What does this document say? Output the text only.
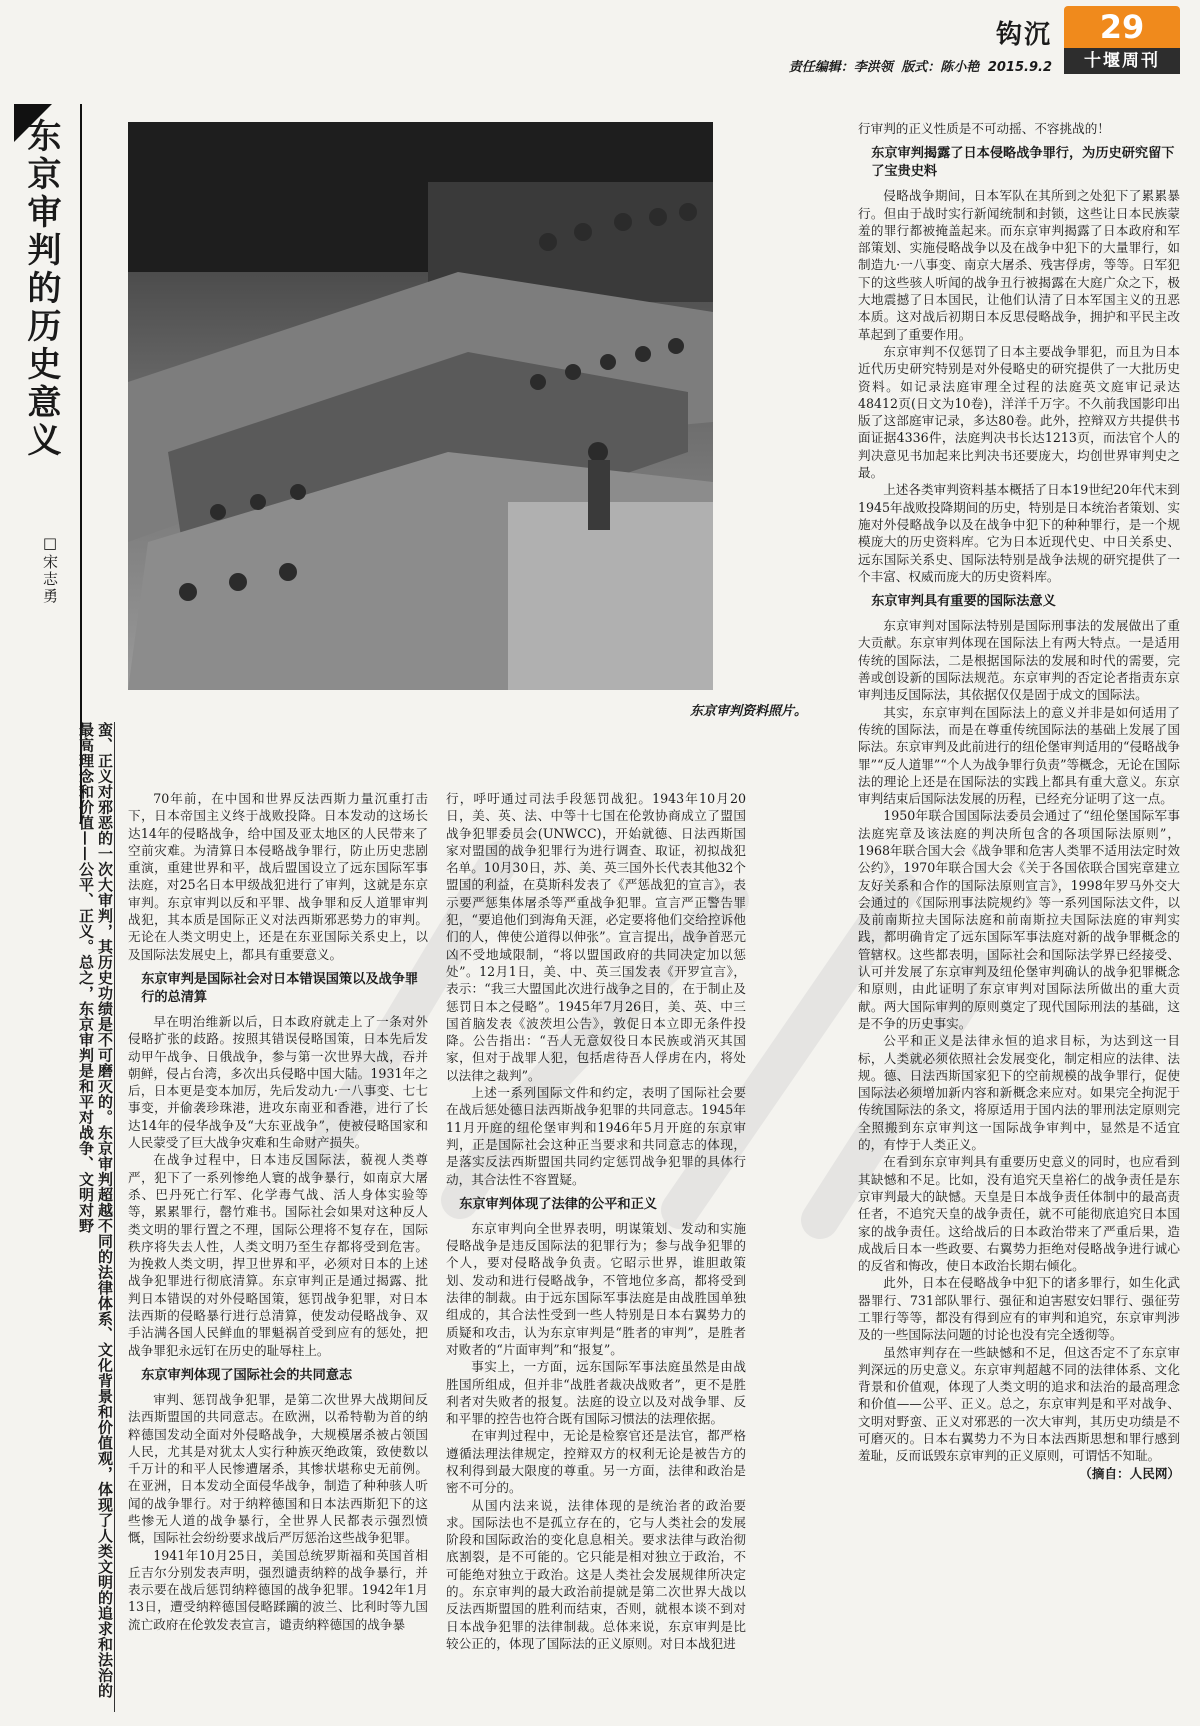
钩沉
责任编辑：李洪领 版式：陈小艳 2015.9.2
29
十堰周刊
东京审判的历史意义
□宋志勇
蛮、正义对邪恶的一次大审判，其历史功绩是不可磨灭的。东京审判超越不同的法律体系、文化背景和价值观，体现了人类文明的追求和法治的最高理念和价值——公平、正义。总之，东京审判是和平对战争、文明对野
东京审判资料照片。

70年前，在中国和世界反法西斯力量沉重打击下，日本帝国主义终于战败投降。日本发动的这场长达14年的侵略战争，给中国及亚太地区的人民带来了空前灾难。为清算日本侵略战争罪行，防止历史悲剧重演，重建世界和平，战后盟国设立了远东国际军事法庭，对25名日本甲级战犯进行了审判，这就是东京审判。东京审判以反和平罪、战争罪和反人道罪审判战犯，其本质是国际正义对法西斯邪恶势力的审判。无论在人类文明史上，还是在东亚国际关系史上，以及国际法发展史上，都具有重要意义。

东京审判是国际社会对日本错误国策以及战争罪行的总清算

早在明治维新以后，日本政府就走上了一条对外侵略扩张的歧路。按照其错误侵略国策，日本先后发动甲午战争、日俄战争，参与第一次世界大战，吞并朝鲜，侵占台湾，多次出兵侵略中国大陆。1931年之后，日本更是变本加厉，先后发动九·一八事变、七七事变，并偷袭珍珠港，进攻东南亚和香港，进行了长达14年的侵华战争及“大东亚战争”，使被侵略国家和人民蒙受了巨大战争灾难和生命财产损失。

在战争过程中，日本违反国际法，藐视人类尊严，犯下了一系列惨绝人寰的战争暴行，如南京大屠杀、巴丹死亡行军、化学毒气战、活人身体实验等等，累累罪行，罄竹难书。国际社会如果对这种反人类文明的罪行置之不理，国际公理将不复存在，国际秩序将失去人性，人类文明乃至生存都将受到危害。为挽救人类文明，捍卫世界和平，必须对日本的上述战争犯罪进行彻底清算。东京审判正是通过揭露、批判日本错误的对外侵略国策，惩罚战争犯罪，对日本法西斯的侵略暴行进行总清算，使发动侵略战争、双手沾满各国人民鲜血的罪魁祸首受到应有的惩处，把战争罪犯永远钉在历史的耻辱柱上。

东京审判体现了国际社会的共同意志

审判、惩罚战争犯罪，是第二次世界大战期间反法西斯盟国的共同意志。在欧洲，以希特勒为首的纳粹德国发动全面对外侵略战争，大规模屠杀被占领国人民，尤其是对犹太人实行种族灭绝政策，致使数以千万计的和平人民惨遭屠杀，其惨状堪称史无前例。在亚洲，日本发动全面侵华战争，制造了种种骇人听闻的战争罪行。对于纳粹德国和日本法西斯犯下的这些惨无人道的战争暴行，全世界人民都表示强烈愤慨，国际社会纷纷要求战后严厉惩治这些战争犯罪。

1941年10月25日，美国总统罗斯福和英国首相丘吉尔分别发表声明，强烈谴责纳粹的战争暴行，并表示要在战后惩罚纳粹德国的战争犯罪。1942年1月13日，遭受纳粹德国侵略蹂躏的波兰、比利时等九国流亡政府在伦敦发表宣言，谴责纳粹德国的战争暴

行，呼吁通过司法手段惩罚战犯。1943年10月20日，美、英、法、中等十七国在伦敦协商成立了盟国战争犯罪委员会(UNWCC)，开始就德、日法西斯国家对盟国的战争犯罪行为进行调查、取证，初拟战犯名单。10月30日，苏、美、英三国外长代表其他32个盟国的利益，在莫斯科发表了《严惩战犯的宣言》，表示要严惩集体屠杀等严重战争犯罪。宣言严正警告罪犯，“要追他们到海角天涯，必定要将他们交给控诉他们的人，俾使公道得以伸张”。宣言提出，战争首恶元凶不受地域限制，“将以盟国政府的共同决定加以惩处”。12月1日，美、中、英三国发表《开罗宣言》，表示：“我三大盟国此次进行战争之目的，在于制止及惩罚日本之侵略”。1945年7月26日，美、英、中三国首脑发表《波茨坦公告》，敦促日本立即无条件投降。公告指出：“吾人无意奴役日本民族或消灭其国家，但对于战罪人犯，包括虐待吾人俘虏在内，将处以法律之裁判”。

上述一系列国际文件和约定，表明了国际社会要在战后惩处德日法西斯战争犯罪的共同意志。1945年11月开庭的纽伦堡审判和1946年5月开庭的东京审判，正是国际社会这种正当要求和共同意志的体现，是落实反法西斯盟国共同约定惩罚战争犯罪的具体行动，其合法性不容置疑。

东京审判体现了法律的公平和正义

东京审判向全世界表明，明谋策划、发动和实施侵略战争是违反国际法的犯罪行为；参与战争犯罪的个人，要对侵略战争负责。它昭示世界，谁胆敢策划、发动和进行侵略战争，不管地位多高，都将受到法律的制裁。由于远东国际军事法庭是由战胜国单独组成的，其合法性受到一些人特别是日本右翼势力的质疑和攻击，认为东京审判是“胜者的审判”，是胜者对败者的“片面审判”和“报复”。

事实上，一方面，远东国际军事法庭虽然是由战胜国所组成，但并非“战胜者裁决战败者”，更不是胜利者对失败者的报复。法庭的设立以及对战争罪、反和平罪的控告也符合既有国际习惯法的法理依据。

在审判过程中，无论是检察官还是法官，都严格遵循法理法律规定，控辩双方的权利无论是被告方的权利得到最大限度的尊重。另一方面，法律和政治是密不可分的。

从国内法来说，法律体现的是统治者的政治要求。国际法也不是孤立存在的，它与人类社会的发展阶段和国际政治的变化息息相关。要求法律与政治彻底割裂，是不可能的。它只能是相对独立于政治，不可能绝对独立于政治。这是人类社会发展规律所决定的。东京审判的最大政治前提就是第二次世界大战以反法西斯盟国的胜利而结束，否则，就根本谈不到对日本战争犯罪的法律制裁。总体来说，东京审判是比较公正的，体现了国际法的正义原则。对日本战犯进

行审判的正义性质是不可动摇、不容挑战的！

东京审判揭露了日本侵略战争罪行，为历史研究留下了宝贵史料

侵略战争期间，日本军队在其所到之处犯下了累累暴行。但由于战时实行新闻统制和封锁，这些让日本民族蒙羞的罪行都被掩盖起来。而东京审判揭露了日本政府和军部策划、实施侵略战争以及在战争中犯下的大量罪行，如制造九·一八事变、南京大屠杀、残害俘虏，等等。日军犯下的这些骇人听闻的战争丑行被揭露在大庭广众之下，极大地震撼了日本国民，让他们认清了日本军国主义的丑恶本质。这对战后初期日本反思侵略战争，拥护和平民主改革起到了重要作用。

东京审判不仅惩罚了日本主要战争罪犯，而且为日本近代历史研究特别是对外侵略史的研究提供了一大批历史资料。如记录法庭审理全过程的法庭英文庭审记录达48412页(日文为10卷)，洋洋千万字。不久前我国影印出版了这部庭审记录，多达80卷。此外，控辩双方共提供书面证据4336件，法庭判决书长达1213页，而法官个人的判决意见书加起来比判决书还要庞大，均创世界审判史之最。

上述各类审判资料基本概括了日本19世纪20年代末到1945年战败投降期间的历史，特别是日本统治者策划、实施对外侵略战争以及在战争中犯下的种种罪行，是一个规模庞大的历史资料库。它为日本近现代史、中日关系史、远东国际关系史、国际法特别是战争法规的研究提供了一个丰富、权威而庞大的历史资料库。

东京审判具有重要的国际法意义

东京审判对国际法特别是国际刑事法的发展做出了重大贡献。东京审判体现在国际法上有两大特点。一是适用传统的国际法，二是根据国际法的发展和时代的需要，完善或创设新的国际法规范。东京审判的否定论者指责东京审判违反国际法，其依据仅仅是固于成文的国际法。

其实，东京审判在国际法上的意义并非是如何适用了传统的国际法，而是在尊重传统国际法的基础上发展了国际法。东京审判及此前进行的纽伦堡审判适用的“侵略战争罪”“反人道罪”“个人为战争罪行负责”等概念，无论在国际法的理论上还是在国际法的实践上都具有重大意义。东京审判结束后国际法发展的历程，已经充分证明了这一点。

1950年联合国国际法委员会通过了“纽伦堡国际军事法庭宪章及该法庭的判决所包含的各项国际法原则”，1968年联合国大会《战争罪和危害人类罪不适用法定时效公约》，1970年联合国大会《关于各国依联合国宪章建立友好关系和合作的国际法原则宣言》，1998年罗马外交大会通过的《国际刑事法院规约》等一系列国际法文件，以及前南斯拉夫国际法庭和前南斯拉夫国际法庭的审判实践，都明确肯定了远东国际军事法庭对新的战争罪概念的管辖权。这些都表明，国际社会和国际法学界已经接受、认可并发展了东京审判及纽伦堡审判确认的战争犯罪概念和原则，由此证明了东京审判对国际法所做出的重大贡献。两大国际审判的原则奠定了现代国际刑法的基础，这是不争的历史事实。

公平和正义是法律永恒的追求目标，为达到这一目标，人类就必须依照社会发展变化，制定相应的法律、法规。德、日法西斯国家犯下的空前规模的战争罪行，促使国际法必须增加新内容和新概念来应对。如果完全拘泥于传统国际法的条文，将原适用于国内法的罪刑法定原则完全照搬到东京审判这一国际战争审判中，显然是不适宜的，有悖于人类正义。

在看到东京审判具有重要历史意义的同时，也应看到其缺憾和不足。比如，没有追究天皇裕仁的战争责任是东京审判最大的缺憾。天皇是日本战争责任体制中的最高责任者，不追究天皇的战争责任，就不可能彻底追究日本国家的战争责任。这给战后的日本政治带来了严重后果，造成战后日本一些政要、右翼势力拒绝对侵略战争进行诚心的反省和悔改，使日本政治长期右倾化。

此外，日本在侵略战争中犯下的诸多罪行，如生化武器罪行、731部队罪行、强征和迫害慰安妇罪行、强征劳工罪行等等，都没有得到应有的审判和追究，东京审判涉及的一些国际法问题的讨论也没有完全透彻等。

虽然审判存在一些缺憾和不足，但这否定不了东京审判深远的历史意义。东京审判超越不同的法律体系、文化背景和价值观，体现了人类文明的追求和法治的最高理念和价值——公平、正义。总之，东京审判是和平对战争、文明对野蛮、正义对邪恶的一次大审判，其历史功绩是不可磨灭的。日本右翼势力不为日本法西斯思想和罪行感到羞耻，反而诋毁东京审判的正义原则，可谓恬不知耻。

（摘自：人民网）
